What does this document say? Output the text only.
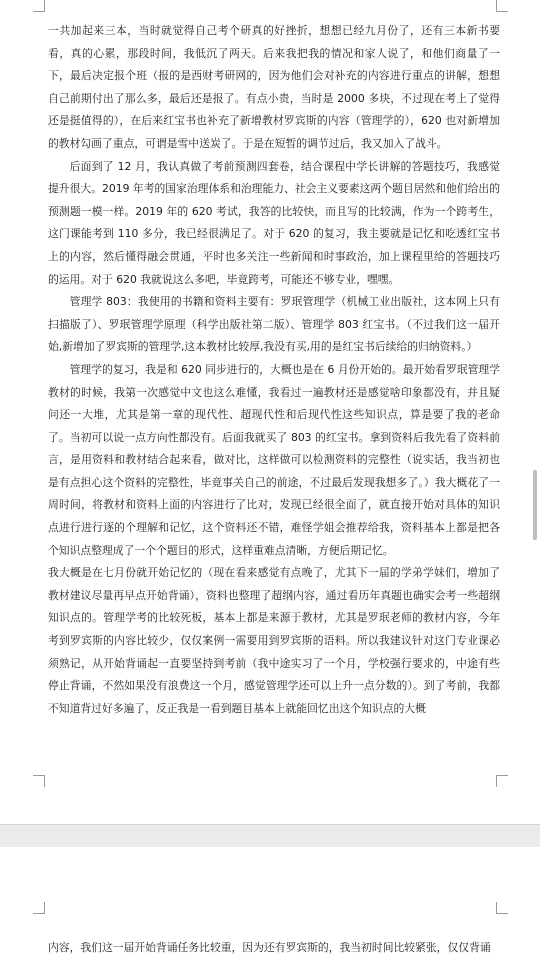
一共加起来三本，当时就觉得自己考个研真的好挫折，想想已经九月份了，还有三本新书要看，真的心累，那段时间，我低沉了两天。后来我把我的情况和家人说了，和他们商量了一下，最后决定报个班（报的是西财考研网的，因为他们会对补充的内容进行重点的讲解，想想自己前期付出了那么多，最后还是报了。有点小贵，当时是 2000 多块，不过现在考上了觉得还是挺值得的），在后来红宝书也补充了新增教材罗宾斯的内容（管理学的），620 也对新增加的教材勾画了重点，可谓是雪中送炭了。于是在短暂的调节过后，我又加入了战斗。

后面到了 12 月，我认真做了考前预测四套卷，结合课程中学长讲解的答题技巧，我感觉提升很大。2019 年考的国家治理体系和治理能力、社会主义要素这两个题目居然和他们给出的预测题一模一样。2019 年的 620 考试，我答的比较快，而且写的比较满，作为一个跨考生，这门课能考到 110 多分，我已经很满足了。对于 620 的复习，我主要就是记忆和吃透红宝书上的内容，然后懂得融会贯通，平时也多关注一些新闻和时事政治，加上课程里给的答题技巧的运用。对于 620 我就说这么多吧，毕竟跨考，可能还不够专业，嘿嘿。

管理学 803：我使用的书籍和资料主要有：罗珉管理学（机械工业出版社，这本网上只有扫描版了）、罗珉管理学原理（科学出版社第二版）、管理学 803 红宝书。（不过我们这一届开始,新增加了罗宾斯的管理学,这本教材比较厚,我没有买,用的是红宝书后续给的归纳资料。）

管理学的复习，我是和 620 同步进行的，大概也是在 6 月份开始的。最开始看罗珉管理学教材的时候，我第一次感觉中文也这么难懂，我看过一遍教材还是感觉啥印象都没有，并且疑问还一大堆，尤其是第一章的现代性、超现代性和后现代性这些知识点，算是要了我的老命了。当初可以说一点方向性都没有。后面我就买了 803 的红宝书。拿到资料后我先看了资料前言，是用资料和教材结合起来看，做对比，这样做可以检测资料的完整性（说实话，我当初也是有点担心这个资料的完整性，毕竟事关自己的前途，不过最后发现我想多了。）我大概花了一周时间，将教材和资料上面的内容进行了比对，发现已经很全面了，就直接开始对具体的知识点进行进行逐的个理解和记忆，这个资料还不错，难怪学姐会推荐给我，资料基本上都是把各个知识点整理成了一个个题目的形式，这样重难点清晰，方便后期记忆。

我大概是在七月份就开始记忆的（现在看来感觉有点晚了，尤其下一届的学弟学妹们，增加了教材建议尽量再早点开始背诵），资料也整理了超纲内容，通过看历年真题也确实会考一些超纲知识点的。管理学考的比较死板，基本上都是来源于教材，尤其是罗珉老师的教材内容，今年考到罗宾斯的内容比较少，仅仅案例一需要用到罗宾斯的语料。所以我建议针对这门专业课必须熟记，从开始背诵起一直要坚持到考前（我中途实习了一个月，学校强行要求的，中途有些停止背诵，不然如果没有浪费这一个月，感觉管理学还可以上升一点分数的）。到了考前，我都不知道背过好多遍了，反正我是一看到题目基本上就能回忆出这个知识点的大概

内容，我们这一届开始背诵任务比较重，因为还有罗宾斯的，我当初时间比较紧张，仅仅背诵
